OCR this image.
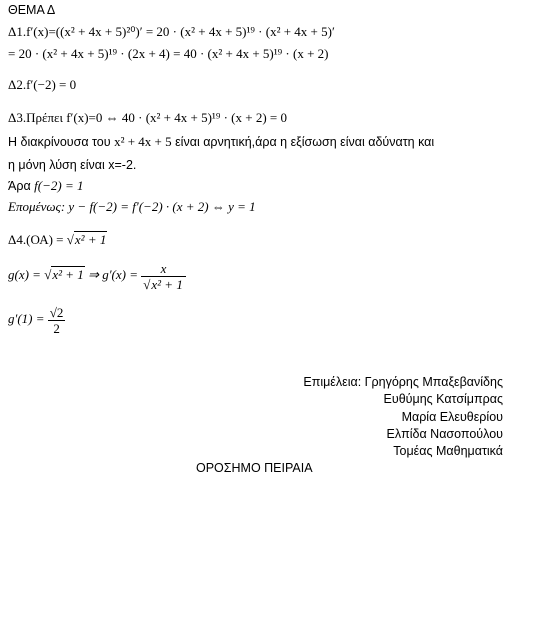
ΘΕΜΑ Δ
Δ1.f′(x)=((x² + 4x + 5)²⁰)′ = 20 · (x² + 4x + 5)¹⁹ · (x² + 4x + 5)′
= 20 · (x² + 4x + 5)¹⁹ · (2x + 4) = 40 · (x² + 4x + 5)¹⁹ · (x + 2)
Δ2.f′(−2) = 0
Δ3.Πρέπει f′(x)=0 ⇔ 40 · (x² + 4x + 5)¹⁹ · (x + 2) = 0
Η διακρίνουσα του x² + 4x + 5 είναι αρνητική,άρα η εξίσωση είναι αδύνατη και
η μόνη λύση είναι x=-2.
Άρα f(−2) = 1
Επομένως: y − f(−2) = f′(−2) · (x + 2) ⇔ y = 1
Δ4.(ΟΑ) = √x² + 1
g(x) = √x² + 1 ⇒ $g'(x) = \frac{x}{\text{√x² + 1}}$
$g'(1) = \frac{√2}{2}$
Επιμέλεια: Γρηγόρης Μπαξεβανίδης
Ευθύμης Κατσίμπρας
Μαρία Ελευθερίου
Ελπίδα Νασοπούλου
Τομέας Μαθηματικά
ΟΡΟΣΗΜΟ ΠΕΙΡΑΙΑ
